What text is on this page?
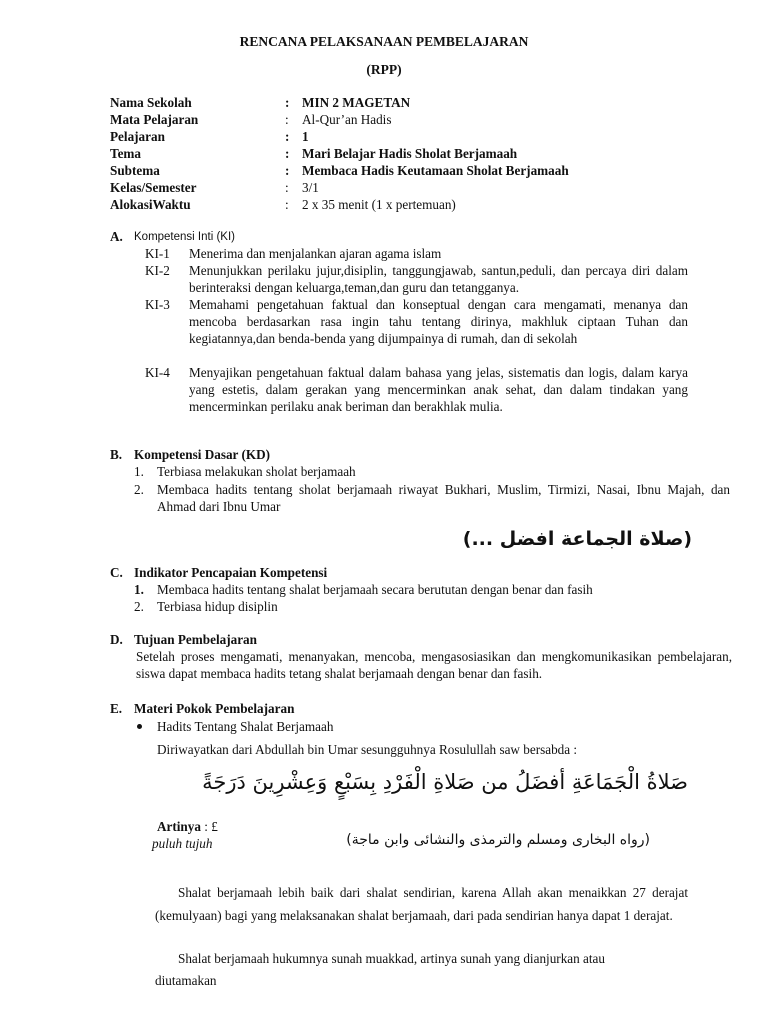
RENCANA PELAKSANAAN PEMBELAJARAN
(RPP)
Nama Sekolah	: MIN 2 MAGETAN
Mata Pelajaran	: Al-Qur’an Hadis
Pelajaran	: 1
Tema	: Mari Belajar Hadis Sholat Berjamaah
Subtema	: Membaca Hadis Keutamaan Sholat Berjamaah
Kelas/Semester	: 3/1
AlokasiWaktu	: 2 x 35 menit (1 x pertemuan)
A. Kompetensi Inti (KI)
KI-1 Menerima dan menjalankan ajaran agama islam
KI-2 Menunjukkan perilaku jujur,disiplin, tanggungjawab, santun,peduli, dan percaya diri dalam berinteraksi dengan keluarga,teman,dan guru dan tetangganya.
KI-3 Memahami pengetahuan faktual dan konseptual dengan cara mengamati, menanya dan mencoba berdasarkan rasa ingin tahu tentang dirinya, makhluk ciptaan Tuhan dan kegiatannya,dan benda-benda yang dijumpainya di rumah, dan di sekolah
KI-4 Menyajikan pengetahuan faktual dalam bahasa yang jelas, sistematis dan logis, dalam karya yang estetis, dalam gerakan yang mencerminkan anak sehat, dan dalam tindakan yang mencerminkan perilaku anak beriman dan berakhlak mulia.
B. Kompetensi Dasar (KD)
1. Terbiasa melakukan sholat berjamaah
2. Membaca hadits tentang sholat berjamaah riwayat Bukhari, Muslim, Tirmizi, Nasai, Ibnu Majah, dan Ahmad dari Ibnu Umar
(صلاة الجماعة افضل ...)
C. Indikator Pencapaian Kompetensi
1. Membaca hadits tentang shalat berjamaah secara berututan dengan benar dan fasih
2. Terbiasa hidup disiplin
D. Tujuan Pembelajaran
Setelah proses mengamati, menanyakan, mencoba, mengasosiasikan dan mengkomunikasikan pembelajaran, siswa dapat membaca hadits tetang shalat berjamaah dengan benar dan fasih.
E. Materi Pokok Pembelajaran
Hadits Tentang Shalat Berjamaah
Diriwayatkan dari Abdullah bin Umar sesungguhnya Rosulullah saw bersabda :
صَلاةُ الْجَمَاعَةِ أفضَلُ من صَلاةِ الْفَرْدِ بِسَبْعٍ وَعِشْرِينَ دَرَجَةً
Artinya : £
puluh tujuh	(رواه البخارى ومسلم والترمذى والنشائى وابن ماجة)
Shalat berjamaah lebih baik dari shalat sendirian, karena Allah akan menaikkan 27 derajat (kemulyaan) bagi yang melaksanakan shalat berjamaah, dari pada sendirian hanya dapat 1 derajat.
Shalat berjamaah hukumnya sunah muakkad, artinya sunah yang dianjurkan atau
diutamakan
